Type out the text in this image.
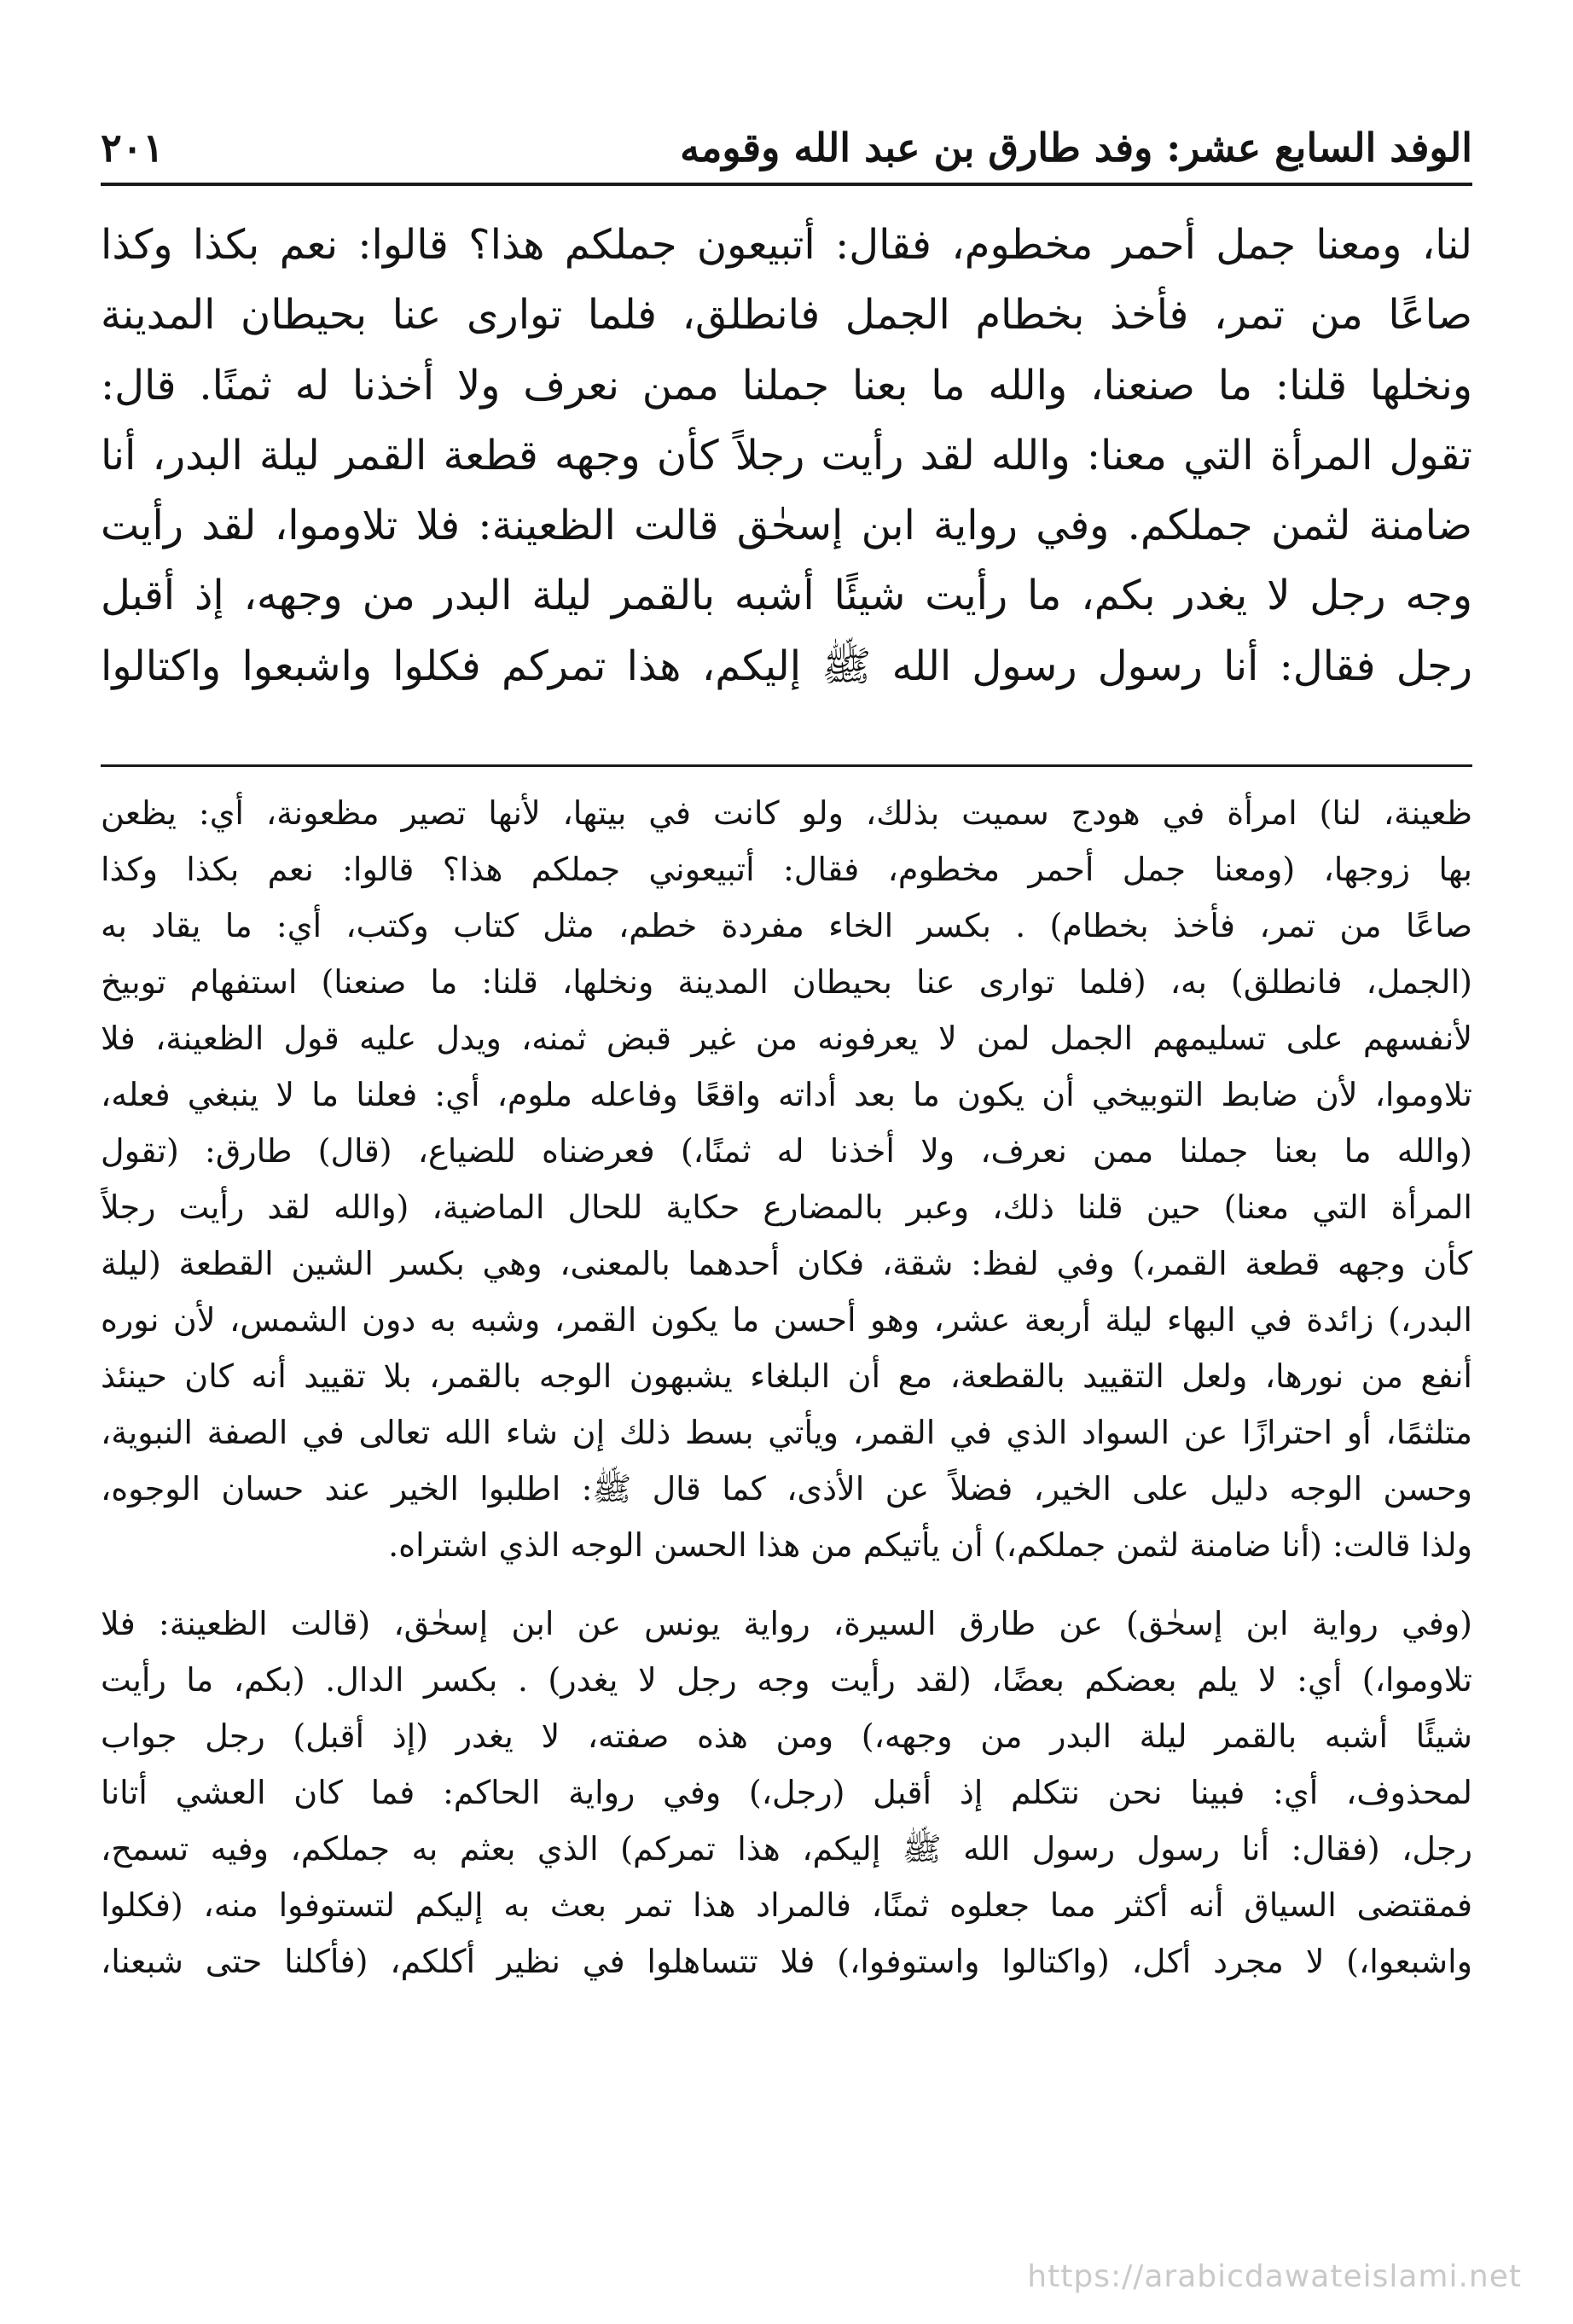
٢٠١	الوفد السابع عشر: وفد طارق بن عبد الله وقومه
لنا، ومعنا جمل أحمر مخطوم، فقال: أتبيعون جملكم هذا؟ قالوا: نعم بكذا وكذا
صاعًا من تمر، فأخذ بخطام الجمل فانطلق، فلما توارى عنا بحيطان المدينة
ونخلها قلنا: ما صنعنا، والله ما بعنا جملنا ممن نعرف ولا أخذنا له ثمنًا. قال:
تقول المرأة التي معنا: والله لقد رأيت رجلاً كأن وجهه قطعة القمر ليلة البدر، أنا
ضامنة لثمن جملكم. وفي رواية ابن إسحٰق قالت الظعينة: فلا تلاوموا، لقد رأيت
وجه رجل لا يغدر بكم، ما رأيت شيئًا أشبه بالقمر ليلة البدر من وجهه، إذ أقبل
رجل فقال: أنا رسول رسول الله ﷺ إليكم، هذا تمركم فكلوا واشبعوا واكتالوا
ظعينة، لنا) امرأة في هودج سميت بذلك، ولو كانت في بيتها، لأنها تصير مظعونة، أي: يظعن
بها زوجها، (ومعنا جمل أحمر مخطوم، فقال: أتبيعوني جملكم هذا؟ قالوا: نعم بكذا وكذا
صاعًا من تمر، فأخذ بخطام) . بكسر الخاء مفردة خطم، مثل كتاب وكتب، أي: ما يقاد به
(الجمل، فانطلق) به، (فلما توارى عنا بحيطان المدينة ونخلها، قلنا: ما صنعنا) استفهام توبيخ
لأنفسهم على تسليمهم الجمل لمن لا يعرفونه من غير قبض ثمنه، ويدل عليه قول الظعينة، فلا
تلاوموا، لأن ضابط التوبيخي أن يكون ما بعد أداته واقعًا وفاعله ملوم، أي: فعلنا ما لا ينبغي فعله،
(والله ما بعنا جملنا ممن نعرف، ولا أخذنا له ثمنًا،) فعرضناه للضياع، (قال) طارق: (تقول
المرأة التي معنا) حين قلنا ذلك، وعبر بالمضارع حكاية للحال الماضية، (والله لقد رأيت رجلاً
كأن وجهه قطعة القمر،) وفي لفظ: شقة، فكان أحدهما بالمعنى، وهي بكسر الشين القطعة (ليلة
البدر،) زائدة في البهاء ليلة أربعة عشر، وهو أحسن ما يكون القمر، وشبه به دون الشمس، لأن نوره
أنفع من نورها، ولعل التقييد بالقطعة، مع أن البلغاء يشبهون الوجه بالقمر، بلا تقييد أنه كان حينئذ
متلثمًا، أو احترازًا عن السواد الذي في القمر، ويأتي بسط ذلك إن شاء الله تعالى في الصفة النبوية،
وحسن الوجه دليل على الخير، فضلاً عن الأذى، كما قال ﷺ: اطلبوا الخير عند حسان الوجوه،
ولذا قالت: (أنا ضامنة لثمن جملكم،) أن يأتيكم من هذا الحسن الوجه الذي اشتراه.
(وفي رواية ابن إسحٰق) عن طارق السيرة، رواية يونس عن ابن إسحٰق، (قالت الظعينة: فلا
تلاوموا،) أي: لا يلم بعضكم بعضًا، (لقد رأيت وجه رجل لا يغدر) . بكسر الدال. (بكم، ما رأيت
شيئًا أشبه بالقمر ليلة البدر من وجهه،) ومن هذه صفته، لا يغدر (إذ أقبل) رجل جواب
لمحذوف، أي: فبينا نحن نتكلم إذ أقبل (رجل،) وفي رواية الحاكم: فما كان العشي أتانا
رجل، (فقال: أنا رسول رسول الله ﷺ إليكم، هذا تمركم) الذي بعثم به جملكم، وفيه تسمح،
فمقتضى السياق أنه أكثر مما جعلوه ثمنًا، فالمراد هذا تمر بعث به إليكم لتستوفوا منه، (فكلوا
واشبعوا،) لا مجرد أكل، (واكتالوا واستوفوا،) فلا تتساهلوا في نظير أكلكم، (فأكلنا حتى شبعنا،
https://arabicdawateislami.net
